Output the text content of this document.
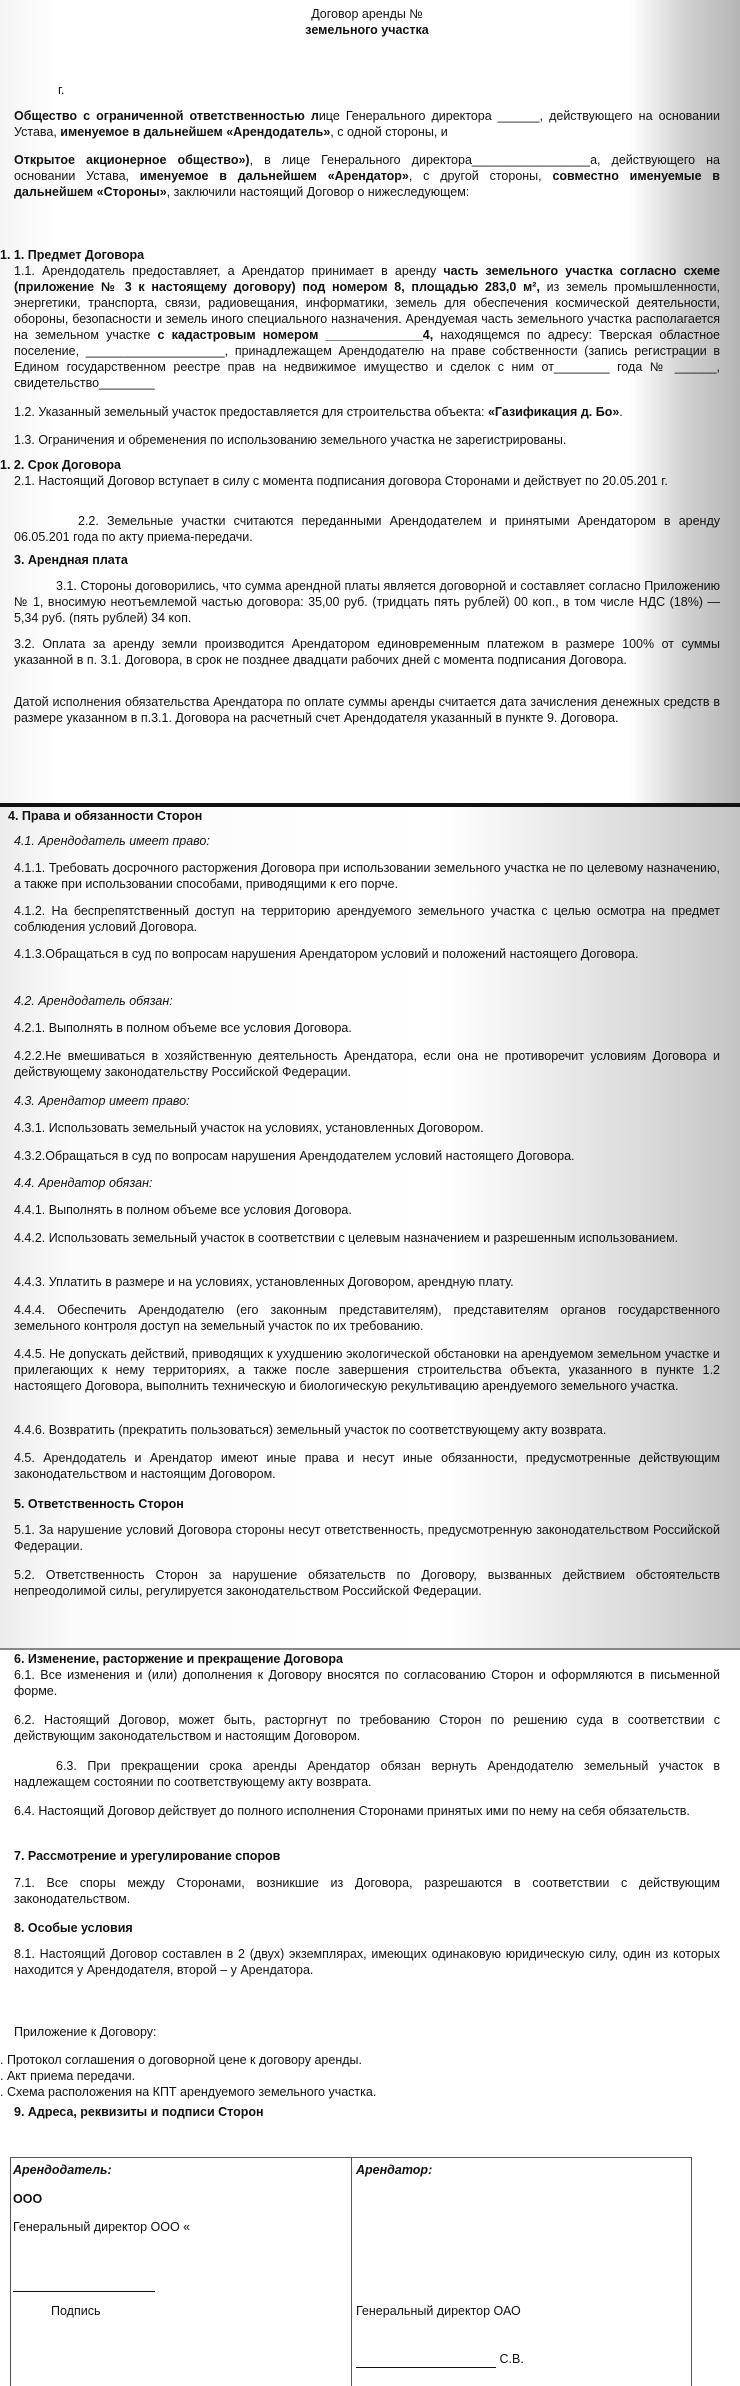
Договор аренды №

земельного участка

г.

Общество с ограниченной ответственностью лице Генерального директора ______, действующего на основании Устава, именуемое в дальнейшем «Арендодатель», с одной стороны, и

Открытое акционерное общество»), в лице Генерального директора_________________а, действующего на основании Устава, именуемое в дальнейшем «Арендатор», с другой стороны, совместно именуемые в дальнейшем «Стороны», заключили настоящий Договор о нижеследующем:

1. 1. Предмет Договора

1.1. Арендодатель предоставляет, а Арендатор принимает в аренду часть земельного участка согласно схеме (приложение № 3 к настоящему договору) под номером 8, площадью 283,0 м², из земель промышленности, энергетики, транспорта, связи, радиовещания, информатики, земель для обеспечения космической деятельности, обороны, безопасности и земель иного специального назначения. Арендуемая часть земельного участка располагается на земельном участке с кадастровым номером ______________4, находящемся по адресу: Тверская областное поселение, ____________________, принадлежащем Арендодателю на праве собственности (запись регистрации в Едином государственном реестре прав на недвижимое имущество и сделок с ним от________ года № ______, свидетельство________

1.2. Указанный земельный участок предоставляется для строительства объекта: «Газификация д. Бо».

1.3. Ограничения и обременения по использованию земельного участка не зарегистрированы.
1. 2. Срок Договора
2.1. Настоящий Договор вступает в силу с момента подписания договора Сторонами и действует по 20.05.201 г.
2.2. Земельные участки считаются переданными Арендодателем и принятыми Арендатором в аренду 06.05.201 года по акту приема-передачи.
3. Арендная плата
3.1. Стороны договорились, что сумма арендной платы является договорной и составляет согласно Приложению № 1, вносимую неотъемлемой частью договора: 35,00 руб. (тридцать пять рублей) 00 коп., в том числе НДС (18%) — 5,34 руб. (пять рублей) 34 коп.
3.2. Оплата за аренду земли производится Арендатором единовременным платежом в размере 100% от суммы указанной в п. 3.1. Договора, в срок не позднее двадцати рабочих дней с момента подписания Договора.
Датой исполнения обязательства Арендатора по оплате суммы аренды считается дата зачисления денежных средств в размере указанном в п.3.1. Договора на расчетный счет Арендодателя указанный в пункте 9. Договора.
4. Права и обязанности Сторон
4.1. Арендодатель имеет право:
4.1.1. Требовать досрочного расторжения Договора при использовании земельного участка не по целевому назначению, а также при использовании способами, приводящими к его порче.
4.1.2. На беспрепятственный доступ на территорию арендуемого земельного участка с целью осмотра на предмет соблюдения условий Договора.
4.1.3.Обращаться в суд по вопросам нарушения Арендатором условий и положений настоящего Договора.
4.2. Арендодатель обязан:
4.2.1. Выполнять в полном объеме все условия Договора.
4.2.2.Не вмешиваться в хозяйственную деятельность Арендатора, если она не противоречит условиям Договора и действующему законодательству Российской Федерации.
4.3. Арендатор имеет право:
4.3.1. Использовать земельный участок на условиях, установленных Договором.
4.3.2.Обращаться в суд по вопросам нарушения Арендодателем условий настоящего Договора.
4.4. Арендатор обязан:
4.4.1. Выполнять в полном объеме все условия Договора.
4.4.2. Использовать земельный участок в соответствии с целевым назначением и разрешенным использованием.
4.4.3. Уплатить в размере и на условиях, установленных Договором, арендную плату.
4.4.4. Обеспечить Арендодателю (его законным представителям), представителям органов государственного земельного контроля доступ на земельный участок по их требованию.
4.4.5. Не допускать действий, приводящих к ухудшению экологической обстановки на арендуемом земельном участке и прилегающих к нему территориях, а также после завершения строительства объекта, указанного в пункте 1.2 настоящего Договора, выполнить техническую и биологическую рекультивацию арендуемого земельного участка.
4.4.6. Возвратить (прекратить пользоваться) земельный участок по соответствующему акту возврата.
4.5. Арендодатель и Арендатор имеют иные права и несут иные обязанности, предусмотренные действующим законодательством и настоящим Договором.
5. Ответственность Сторон
5.1. За нарушение условий Договора стороны несут ответственность, предусмотренную законодательством Российской Федерации.
5.2. Ответственность Сторон за нарушение обязательств по Договору, вызванных действием обстоятельств непреодолимой силы, регулируется законодательством Российской Федерации.
6. Изменение, расторжение и прекращение Договора
6.1. Все изменения и (или) дополнения к Договору вносятся по согласованию Сторон и оформляются в письменной форме.
6.2. Настоящий Договор, может быть, расторгнут по требованию Сторон по решению суда в соответствии с действующим законодательством и настоящим Договором.
6.3. При прекращении срока аренды Арендатор обязан вернуть Арендодателю земельный участок в надлежащем состоянии по соответствующему акту возврата.
6.4. Настоящий Договор действует до полного исполнения Сторонами принятых ими по нему на себя обязательств.
7. Рассмотрение и урегулирование споров
7.1. Все споры между Сторонами, возникшие из Договора, разрешаются в соответствии с действующим законодательством.
8. Особые условия
8.1. Настоящий Договор составлен в 2 (двух) экземплярах, имеющих одинаковую юридическую силу, один из которых находится у Арендодателя, второй – у Арендатора.
Приложение к Договору:

. Протокол соглашения о договорной цене к договору аренды.

. Акт приема передачи.

. Схема расположения на КПТ арендуемого земельного участка.

9. Адреса, реквизиты и подписи Сторон
Арендодатель:
ООО
Генеральный директор ООО «

Подпись
Арендатор:
Генеральный директор ОАО
С.В.
